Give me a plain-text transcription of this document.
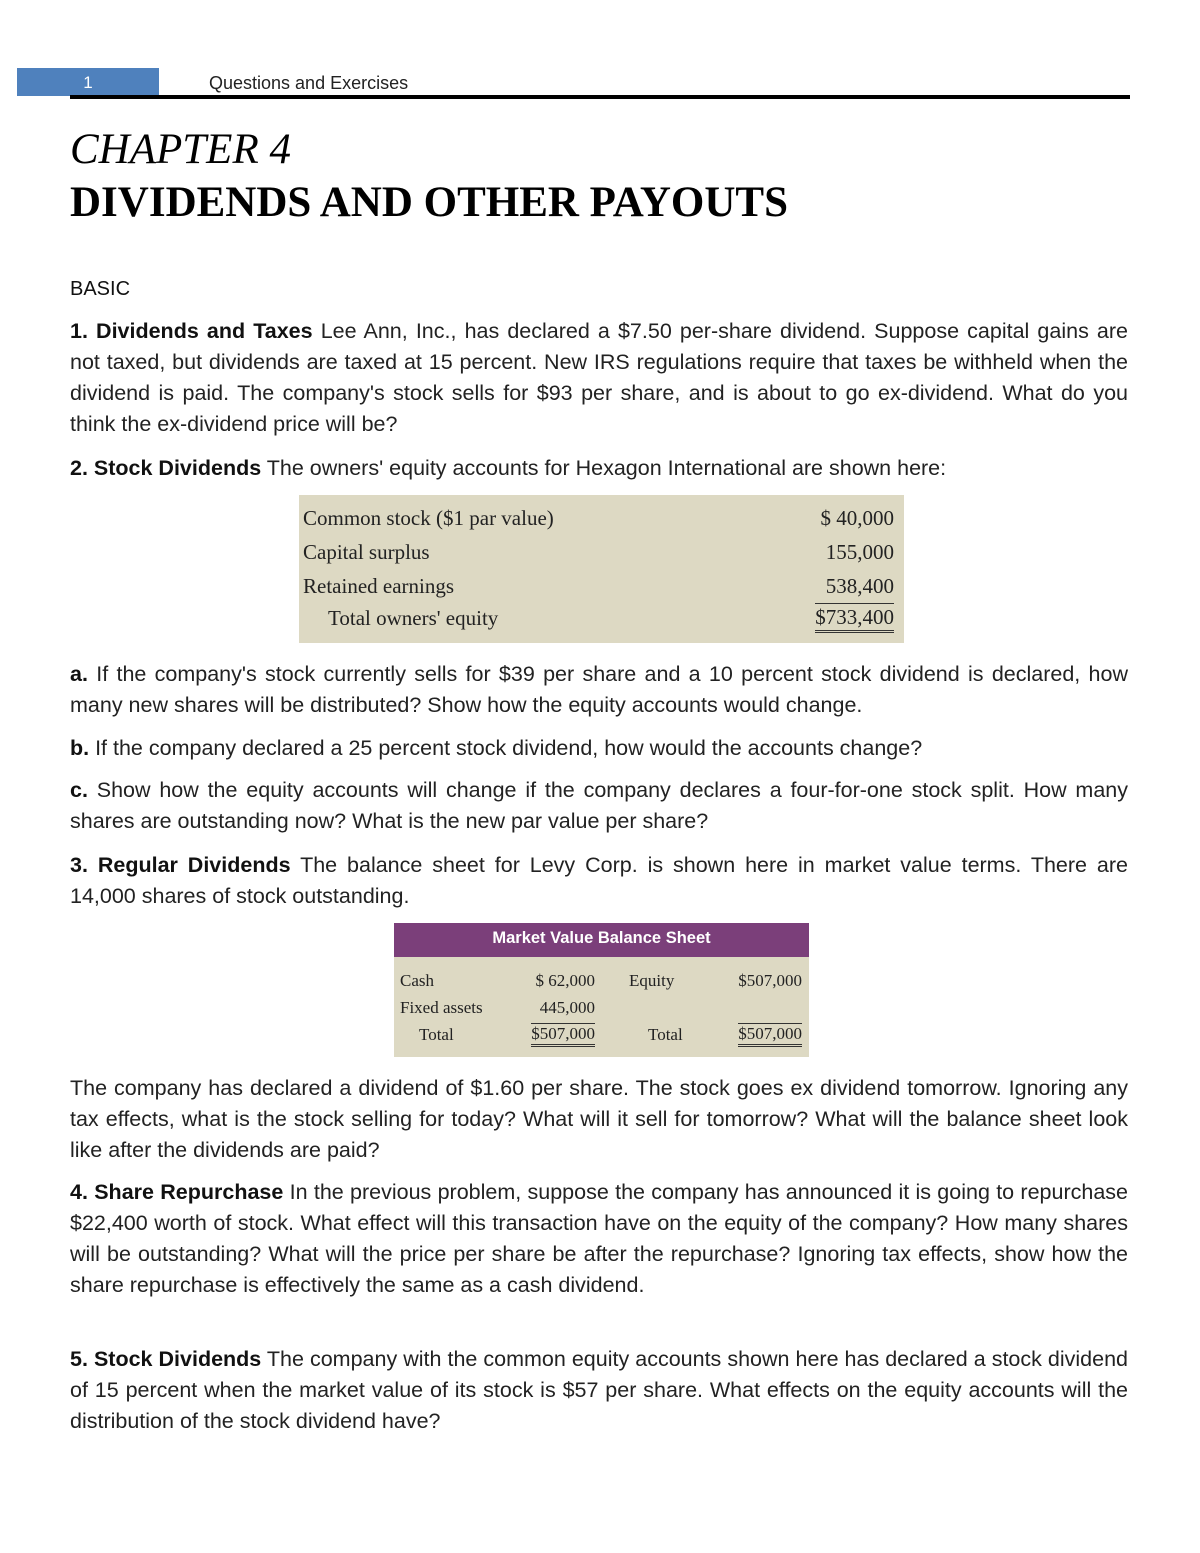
1	Questions and Exercises
CHAPTER 4
DIVIDENDS AND OTHER PAYOUTS
BASIC

1. Dividends and Taxes Lee Ann, Inc., has declared a $7.50 per-share dividend. Suppose capital gains are not taxed, but dividends are taxed at 15 percent. New IRS regulations require that taxes be withheld when the dividend is paid. The company's stock sells for $93 per share, and is about to go ex-dividend. What do you think the ex-dividend price will be?

2. Stock Dividends The owners' equity accounts for Hexagon International are shown here:

Common stock ($1 par value)	$ 40,000
Capital surplus	155,000
Retained earnings	538,400
Total owners' equity	$733,400

a. If the company's stock currently sells for $39 per share and a 10 percent stock dividend is declared, how many new shares will be distributed? Show how the equity accounts would change.

b. If the company declared a 25 percent stock dividend, how would the accounts change?

c. Show how the equity accounts will change if the company declares a four-for-one stock split. How many shares are outstanding now? What is the new par value per share?

3. Regular Dividends The balance sheet for Levy Corp. is shown here in market value terms. There are 14,000 shares of stock outstanding.

Market Value Balance Sheet
Cash	$ 62,000 Equity	$507,000
Fixed assets	445,000
Total	$507,000	Total	$507,000

The company has declared a dividend of $1.60 per share. The stock goes ex dividend tomorrow. Ignoring any tax effects, what is the stock selling for today? What will it sell for tomorrow? What will the balance sheet look like after the dividends are paid?

4. Share Repurchase In the previous problem, suppose the company has announced it is going to repurchase $22,400 worth of stock. What effect will this transaction have on the equity of the company? How many shares will be outstanding? What will the price per share be after the repurchase? Ignoring tax effects, show how the share repurchase is effectively the same as a cash dividend.

5. Stock Dividends The company with the common equity accounts shown here has declared a stock dividend of 15 percent when the market value of its stock is $57 per share. What effects on the equity accounts will the distribution of the stock dividend have?
